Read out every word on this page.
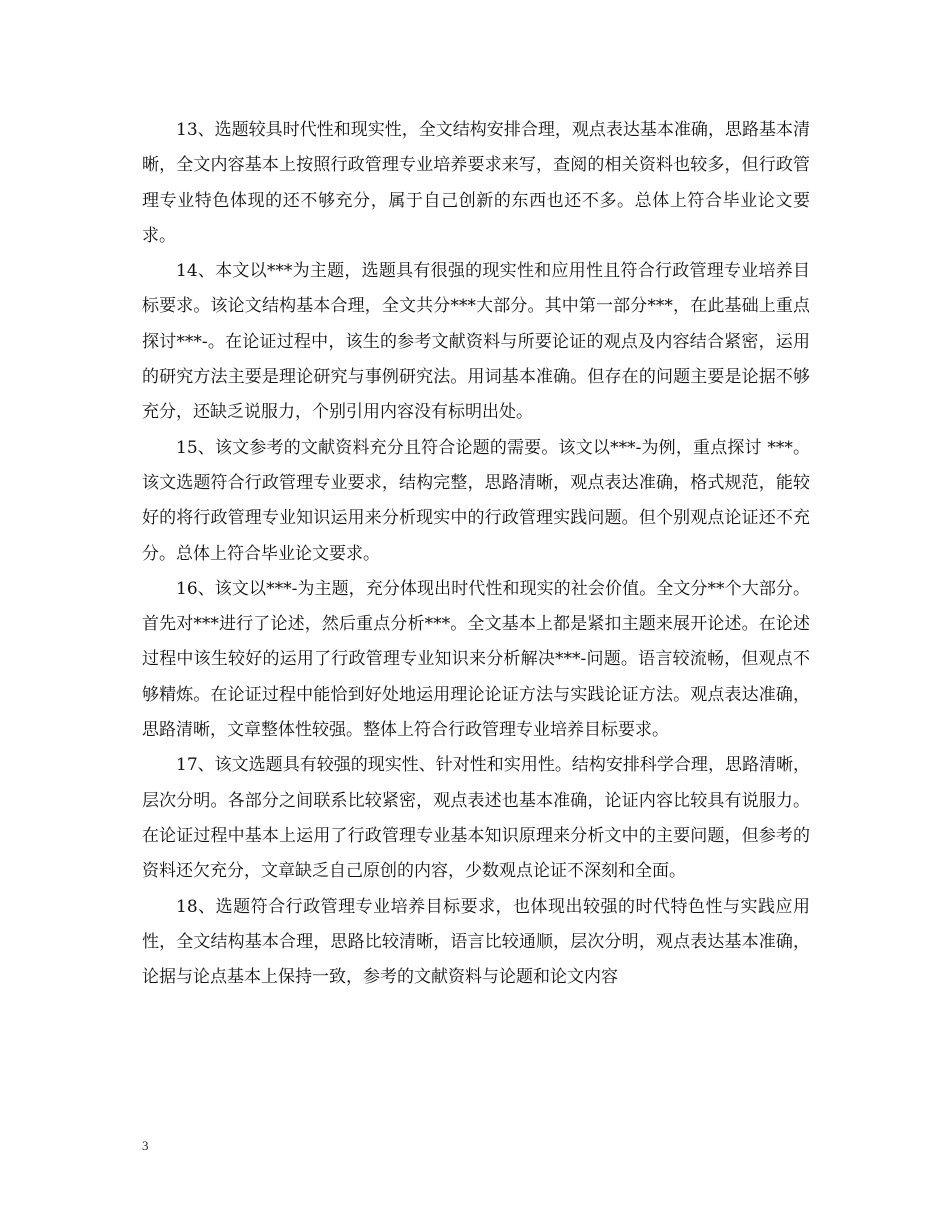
13、选题较具时代性和现实性，全文结构安排合理，观点表达基本准确，思路基本清晰，全文内容基本上按照行政管理专业培养要求来写，查阅的相关资料也较多，但行政管理专业特色体现的还不够充分，属于自己创新的东西也还不多。总体上符合毕业论文要求。

14、本文以***为主题，选题具有很强的现实性和应用性且符合行政管理专业培养目标要求。该论文结构基本合理，全文共分***大部分。其中第一部分***，在此基础上重点探讨***-。在论证过程中，该生的参考文献资料与所要论证的观点及内容结合紧密，运用的研究方法主要是理论研究与事例研究法。用词基本准确。但存在的问题主要是论据不够充分，还缺乏说服力，个别引用内容没有标明出处。

15、该文参考的文献资料充分且符合论题的需要。该文以***-为例，重点探讨 ***。该文选题符合行政管理专业要求，结构完整，思路清晰，观点表达准确，格式规范，能较好的将行政管理专业知识运用来分析现实中的行政管理实践问题。但个别观点论证还不充分。总体上符合毕业论文要求。

16、该文以***-为主题，充分体现出时代性和现实的社会价值。全文分**个大部分。首先对***进行了论述，然后重点分析***。全文基本上都是紧扣主题来展开论述。在论述过程中该生较好的运用了行政管理专业知识来分析解决***-问题。语言较流畅，但观点不够精炼。在论证过程中能恰到好处地运用理论论证方法与实践论证方法。观点表达准确，思路清晰，文章整体性较强。整体上符合行政管理专业培养目标要求。

17、该文选题具有较强的现实性、针对性和实用性。结构安排科学合理，思路清晰，层次分明。各部分之间联系比较紧密，观点表述也基本准确，论证内容比较具有说服力。在论证过程中基本上运用了行政管理专业基本知识原理来分析文中的主要问题，但参考的资料还欠充分，文章缺乏自己原创的内容，少数观点论证不深刻和全面。

18、选题符合行政管理专业培养目标要求，也体现出较强的时代特色性与实践应用性，全文结构基本合理，思路比较清晰，语言比较通顺，层次分明，观点表达基本准确，论据与论点基本上保持一致，参考的文献资料与论题和论文内容

3
